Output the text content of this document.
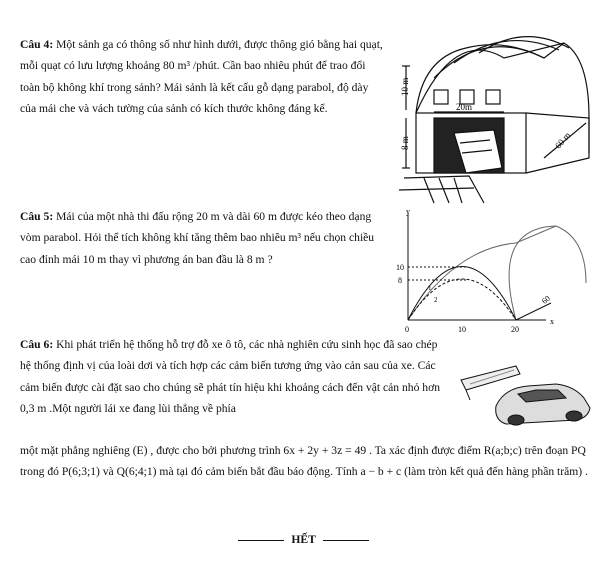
Câu 4: Một sảnh ga có thông số như hình dưới, được thông gió bằng hai quạt, mỗi quạt có lưu lượng khoảng 80 m³ /phút. Cần bao nhiêu phút để trao đổi toàn bộ không khí trong sảnh? Mái sảnh là kết cấu gỗ dạng parabol, độ dày của mái che và vách tường của sảnh có kích thước không đáng kể.

10 m
20m
8 m	60 m

Câu 5: Mái của một nhà thi đấu rộng 20 m và dài 60 m được kéo theo dạng vòm parabol. Hỏi thể tích không khí tăng thêm bao nhiêu m³ nếu chọn chiều cao đỉnh mái 10 m thay vì phương án ban đầu là 8 m ?

y
x
0
10
8
10	20
60
1
2

Câu 6: Khi phát triển hệ thống hỗ trợ đỗ xe ô tô, các nhà nghiên cứu sinh học đã sao chép hệ thống định vị của loài dơi và tích hợp các cảm biến tương ứng vào cản sau của xe. Các cảm biến được cài đặt sao cho chúng sẽ phát tín hiệu khi khoảng cách đến vật cản nhỏ hơn 0,3 m .Một người lái xe đang lùi thẳng về phía

một mặt phẳng nghiêng (E) , được cho bởi phương trình 6x + 2y + 3z = 49 . Ta xác định được điểm R(a;b;c) trên đoạn PQ trong đó P(6;3;1) và Q(6;4;1) mà tại đó cảm biến bắt đầu báo động. Tính a − b + c (làm tròn kết quả đến hàng phần trăm) .

HẾT
